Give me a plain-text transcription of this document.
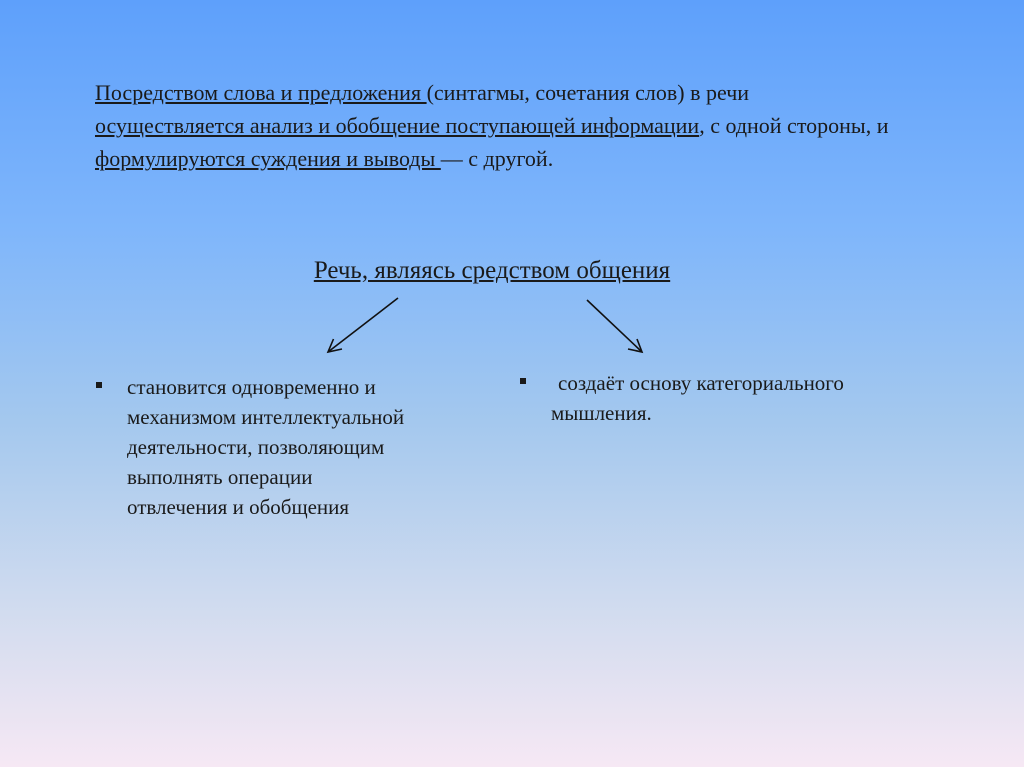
Посредством слова и предложения (синтагмы, сочетания слов) в речи
осуществляется анализ и обобщение поступающей информации, с одной стороны, и формулируются суждения и выводы — с другой.
Речь, являясь средством общения
становится одновременно и механизмом интеллектуальной деятельности, позволяющим выполнять операции отвлечения и обобщения
создаёт основу категориального мышления.
